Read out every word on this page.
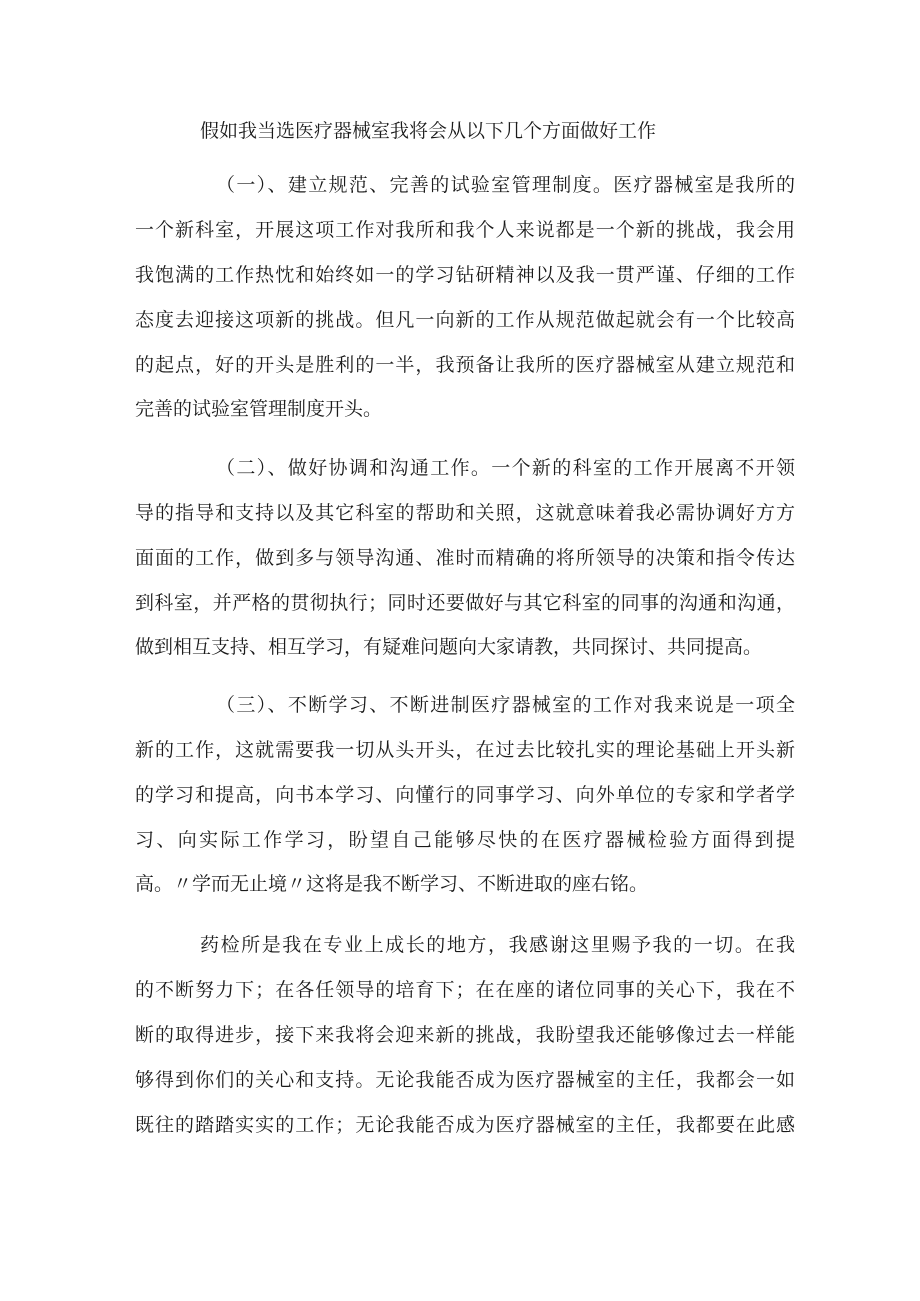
假如我当选医疗器械室我将会从以下几个方面做好工作
（一）、建立规范、完善的试验室管理制度。医疗器械室是我所的
一个新科室，开展这项工作对我所和我个人来说都是一个新的挑战，我会用
我饱满的工作热忱和始终如一的学习钻研精神以及我一贯严谨、仔细的工作
态度去迎接这项新的挑战。但凡一向新的工作从规范做起就会有一个比较高
的起点，好的开头是胜利的一半，我预备让我所的医疗器械室从建立规范和
完善的试验室管理制度开头。
（二）、做好协调和沟通工作。一个新的科室的工作开展离不开领
导的指导和支持以及其它科室的帮助和关照，这就意味着我必需协调好方方
面面的工作，做到多与领导沟通、准时而精确的将所领导的决策和指令传达
到科室，并严格的贯彻执行；同时还要做好与其它科室的同事的沟通和沟通，
做到相互支持、相互学习，有疑难问题向大家请教，共同探讨、共同提高。
（三）、不断学习、不断进制医疗器械室的工作对我来说是一项全
新的工作，这就需要我一切从头开头，在过去比较扎实的理论基础上开头新
的学习和提高，向书本学习、向懂行的同事学习、向外单位的专家和学者学
习、向实际工作学习，盼望自己能够尽快的在医疗器械检验方面得到提
高。〃学而无止境〃这将是我不断学习、不断进取的座右铭。
药检所是我在专业上成长的地方，我感谢这里赐予我的一切。在我
的不断努力下；在各任领导的培育下；在在座的诸位同事的关心下，我在不
断的取得进步，接下来我将会迎来新的挑战，我盼望我还能够像过去一样能
够得到你们的关心和支持。无论我能否成为医疗器械室的主任，我都会一如
既往的踏踏实实的工作；无论我能否成为医疗器械室的主任，我都要在此感
